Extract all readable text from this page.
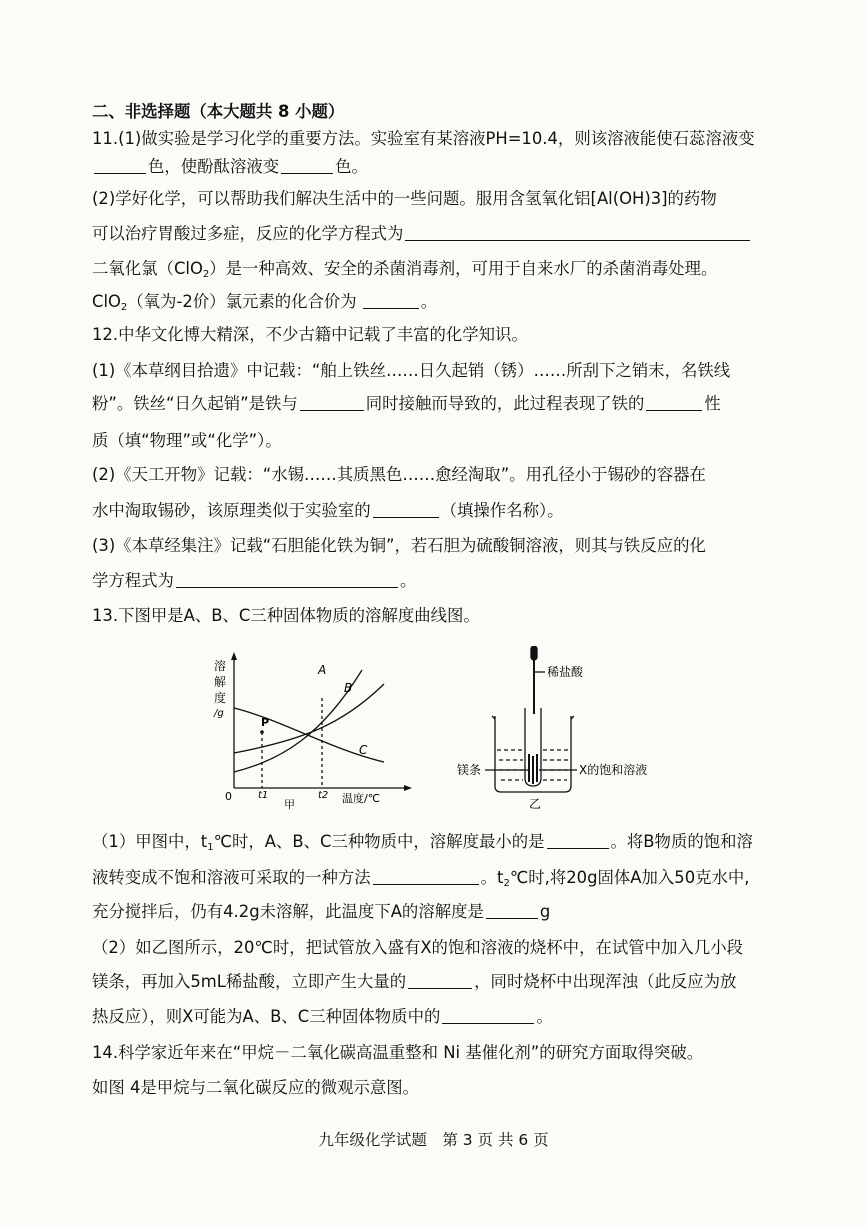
二、非选择题（本大题共 8 小题）
11.(1)做实验是学习化学的重要方法。实验室有某溶液PH=10.4，则该溶液能使石蕊溶液变
色，使酚酞溶液变	色。
(2)学好化学，可以帮助我们解决生活中的一些问题。服用含氢氧化铝[Al(OH)3]的药物
可以治疗胃酸过多症，反应的化学方程式为
二氧化氯（ClO$_2$）是一种高效、安全的杀菌消毒剂，可用于自来水厂的杀菌消毒处理。
ClO$_2$（氧为-2价）氯元素的化合价为	。
12.中华文化博大精深，不少古籍中记载了丰富的化学知识。
(1)《本草纲目拾遗》中记载：“舶上铁丝……日久起销（锈）……所刮下之销末，名铁线
粉”。铁丝“日久起销”是铁与	同时接触而导致的，此过程表现了铁的	性
质（填“物理”或“化学”）。
(2)《天工开物》记载：“水锡……其质黑色……愈经淘取”。用孔径小于锡砂的容器在
水中淘取锡砂，该原理类似于实验室的	（填操作名称）。
(3)《本草经集注》记载“石胆能化铁为铜”，若石胆为硫酸铜溶液，则其与铁反应的化
学方程式为	。
13.下图甲是A、B、C三种固体物质的溶解度曲线图。
溶
解
度
/g
0	t1	t2 温度/℃
甲
P
A
B
C
稀盐酸
镁条	X的饱和溶液
乙
（1）甲图中，$t_1℃$时，A、B、C三种物质中，溶解度最小的是	。将B物质的饱和溶
液转变成不饱和溶液可采取的一种方法	。$t_2℃$时,将20g固体A加入50克水中,
充分搅拌后，仍有4.2g未溶解，此温度下A的溶解度是	g
（2）如乙图所示，20℃时，把试管放入盛有X的饱和溶液的烧杯中，在试管中加入几小段
镁条，再加入5mL稀盐酸，立即产生大量的	，同时烧杯中出现浑浊（此反应为放
热反应），则X可能为A、B、C三种固体物质中的	。
14.科学家近年来在“甲烷－二氧化碳高温重整和 Ni 基催化剂”的研究方面取得突破。
如图 4是甲烷与二氧化碳反应的微观示意图。
九年级化学试题　第 3 页 共 6 页
